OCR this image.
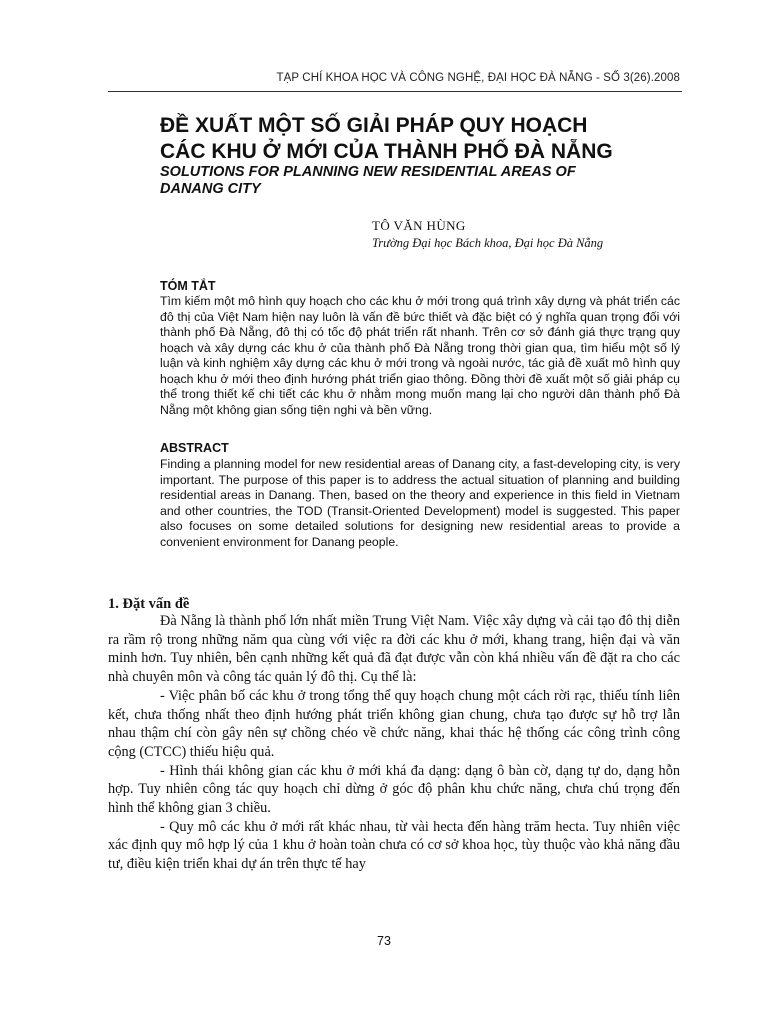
TẠP CHÍ KHOA HỌC VÀ CÔNG NGHỆ, ĐẠI HỌC ĐÀ NẴNG - SỐ 3(26).2008
ĐỀ XUẤT MỘT SỐ GIẢI PHÁP QUY HOẠCH
CÁC KHU Ở MỚI CỦA THÀNH PHỐ ĐÀ NẴNG
SOLUTIONS FOR PLANNING NEW RESIDENTIAL AREAS OF
DANANG CITY
TÔ VĂN HÙNG
Trường Đại học Bách khoa, Đại học Đà Nẵng
TÓM TẮT

Tìm kiếm một mô hình quy hoạch cho các khu ở mới trong quá trình xây dựng và phát triển các đô thị của Việt Nam hiện nay luôn là vấn đề bức thiết và đặc biệt có ý nghĩa quan trọng đối với thành phố Đà Nẵng, đô thị có tốc độ phát triển rất nhanh. Trên cơ sở đánh giá thực trạng quy hoạch và xây dựng các khu ở của thành phố Đà Nẵng trong thời gian qua, tìm hiểu một số lý luận và kinh nghiệm xây dựng các khu ở mới trong và ngoài nước, tác giả đề xuất mô hình quy hoạch khu ở mới theo định hướng phát triển giao thông. Đồng thời đề xuất một số giải pháp cụ thể trong thiết kế chi tiết các khu ở nhằm mong muốn mang lại cho người dân thành phố Đà Nẵng một không gian sống tiện nghi và bền vững.

ABSTRACT

Finding a planning model for new residential areas of Danang city, a fast-developing city, is very important. The purpose of this paper is to address the actual situation of planning and building residential areas in Danang. Then, based on the theory and experience in this field in Vietnam and other countries, the TOD (Transit-Oriented Development) model is suggested. This paper also focuses on some detailed solutions for designing new residential areas to provide a convenient environment for Danang people.

1. Đặt vấn đề

Đà Nẵng là thành phố lớn nhất miền Trung Việt Nam. Việc xây dựng và cải tạo đô thị diễn ra rầm rộ trong những năm qua cùng với việc ra đời các khu ở mới, khang trang, hiện đại và văn minh hơn. Tuy nhiên, bên cạnh những kết quả đã đạt được vẫn còn khá nhiều vấn đề đặt ra cho các nhà chuyên môn và công tác quản lý đô thị. Cụ thể là:

- Việc phân bố các khu ở trong tổng thể quy hoạch chung một cách rời rạc, thiếu tính liên kết, chưa thống nhất theo định hướng phát triển không gian chung, chưa tạo được sự hỗ trợ lẫn nhau thậm chí còn gây nên sự chồng chéo về chức năng, khai thác hệ thống các công trình công cộng (CTCC) thiếu hiệu quả.

- Hình thái không gian các khu ở mới khá đa dạng: dạng ô bàn cờ, dạng tự do, dạng hỗn hợp. Tuy nhiên công tác quy hoạch chỉ dừng ở góc độ phân khu chức năng, chưa chú trọng đến hình thể không gian 3 chiều.

- Quy mô các khu ở mới rất khác nhau, từ vài hecta đến hàng trăm hecta. Tuy nhiên việc xác định quy mô hợp lý của 1 khu ở hoàn toàn chưa có cơ sở khoa học, tùy thuộc vào khả năng đầu tư, điều kiện triển khai dự án trên thực tế hay

73
